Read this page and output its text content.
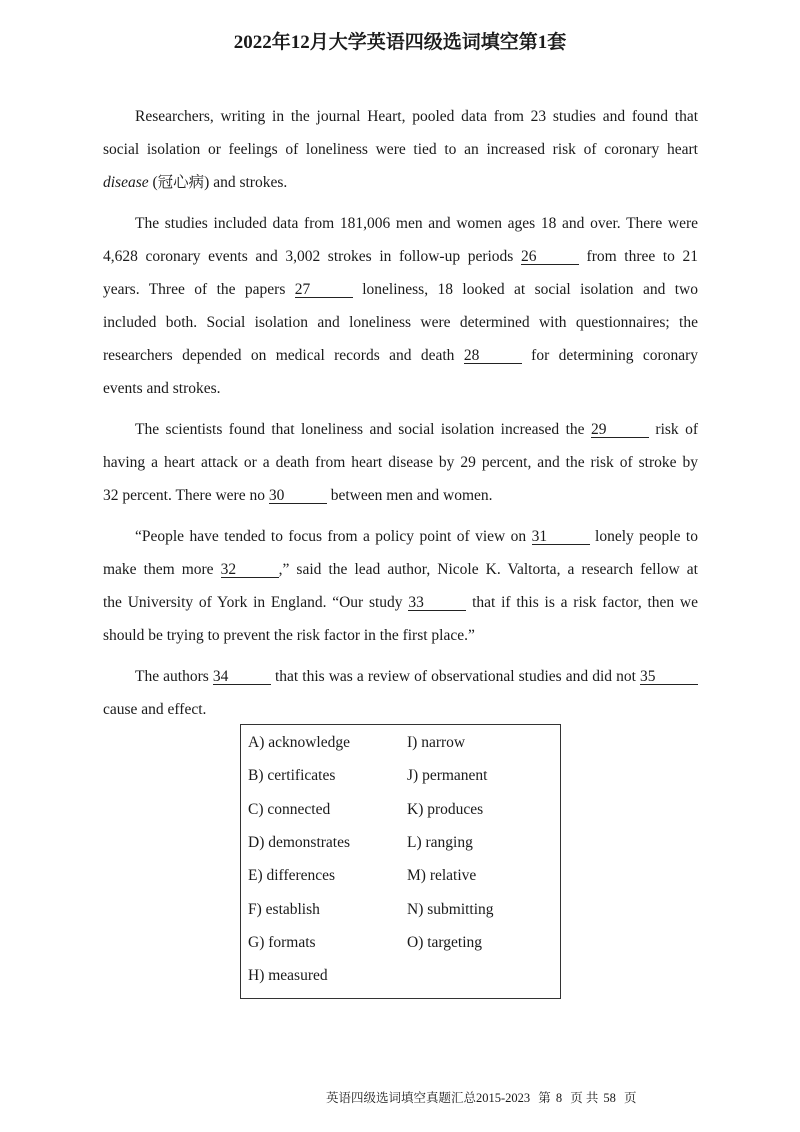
2022年12月大学英语四级选词填空第1套
Researchers, writing in the journal Heart, pooled data from 23 studies and found that
social isolation or feelings of loneliness were tied to an increased risk of coronary heart
disease (冠心病) and strokes.
The studies included data from 181,006 men and women ages 18 and over. There were
4,628 coronary events and 3,002 strokes in follow-up periods 26	from three to 21
years. Three of the papers 27	loneliness, 18 looked at social isolation and two
included both. Social isolation and loneliness were determined with questionnaires; the
researchers depended on medical records and death 28	for determining coronary
events and strokes.
The scientists found that loneliness and social isolation increased the 29	risk of
having a heart attack or a death from heart disease by 29 percent, and the risk of stroke by
32 percent. There were no 30	between men and women.
“People have tended to focus from a policy point of view on 31	lonely people to
make them more 32	,” said the lead author, Nicole K. Valtorta, a research fellow at
the University of York in England. “Our study 33	that if this is a risk factor, then we
should be trying to prevent the risk factor in the first place.”
The authors 34	that this was a review of observational studies and did not 35
cause and effect.
A) acknowledge
B) certificates
C) connected
D) demonstrates
E) differences
F) establish
G) formats
H) measured
I) narrow
J) permanent
K) produces
L) ranging
M) relative
N) submitting
O) targeting
英语四级选词填空真题汇总2015-2023 第 8 页 共 58 页
